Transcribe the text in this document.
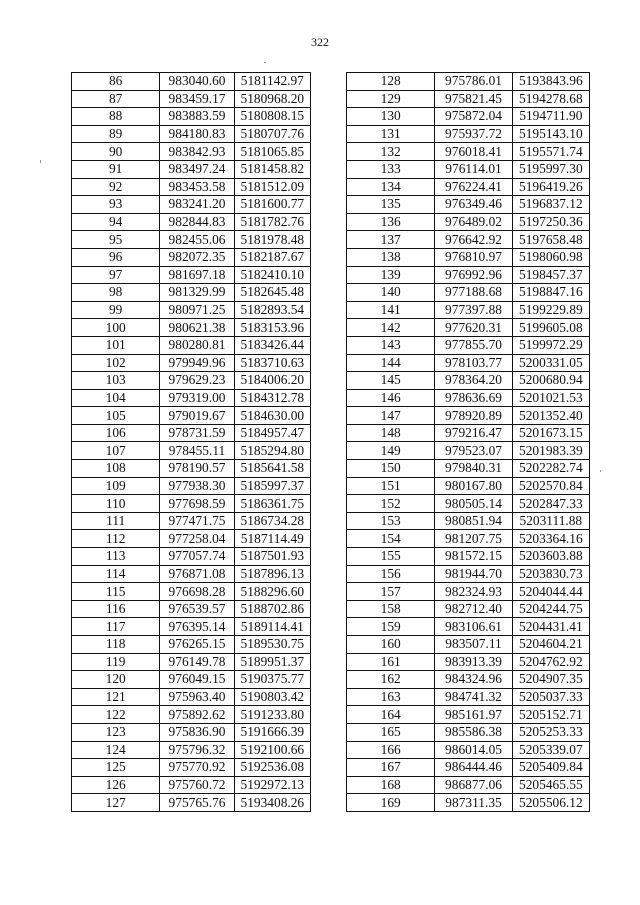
322
86	983040.60	5181142.97
87	983459.17	5180968.20
88	983883.59	5180808.15
89	984180.83	5180707.76
90	983842.93	5181065.85
91	983497.24	5181458.82
92	983453.58	5181512.09
93	983241.20	5181600.77
94	982844.83	5181782.76
95	982455.06	5181978.48
96	982072.35	5182187.67
97	981697.18	5182410.10
98	981329.99	5182645.48
99	980971.25	5182893.54
100	980621.38	5183153.96
101	980280.81	5183426.44
102	979949.96	5183710.63
103	979629.23	5184006.20
104	979319.00	5184312.78
105	979019.67	5184630.00
106	978731.59	5184957.47
107	978455.11	5185294.80
108	978190.57	5185641.58
109	977938.30	5185997.37
110	977698.59	5186361.75
111	977471.75	5186734.28
112	977258.04	5187114.49
113	977057.74	5187501.93
114	976871.08	5187896.13
115	976698.28	5188296.60
116	976539.57	5188702.86
117	976395.14	5189114.41
118	976265.15	5189530.75
119	976149.78	5189951.37
120	976049.15	5190375.77
121	975963.40	5190803.42
122	975892.62	5191233.80
123	975836.90	5191666.39
124	975796.32	5192100.66
125	975770.92	5192536.08
126	975760.72	5192972.13
127	975765.76	5193408.26
128	975786.01	5193843.96
129	975821.45	5194278.68
130	975872.04	5194711.90
131	975937.72	5195143.10
132	976018.41	5195571.74
133	976114.01	5195997.30
134	976224.41	5196419.26
135	976349.46	5196837.12
136	976489.02	5197250.36
137	976642.92	5197658.48
138	976810.97	5198060.98
139	976992.96	5198457.37
140	977188.68	5198847.16
141	977397.88	5199229.89
142	977620.31	5199605.08
143	977855.70	5199972.29
144	978103.77	5200331.05
145	978364.20	5200680.94
146	978636.69	5201021.53
147	978920.89	5201352.40
148	979216.47	5201673.15
149	979523.07	5201983.39
150	979840.31	5202282.74
151	980167.80	5202570.84
152	980505.14	5202847.33
153	980851.94	5203111.88
154	981207.75	5203364.16
155	981572.15	5203603.88
156	981944.70	5203830.73
157	982324.93	5204044.44
158	982712.40	5204244.75
159	983106.61	5204431.41
160	983507.11	5204604.21
161	983913.39	5204762.92
162	984324.96	5204907.35
163	984741.32	5205037.33
164	985161.97	5205152.71
165	985586.38	5205253.33
166	986014.05	5205339.07
167	986444.46	5205409.84
168	986877.06	5205465.55
169	987311.35	5205506.12
